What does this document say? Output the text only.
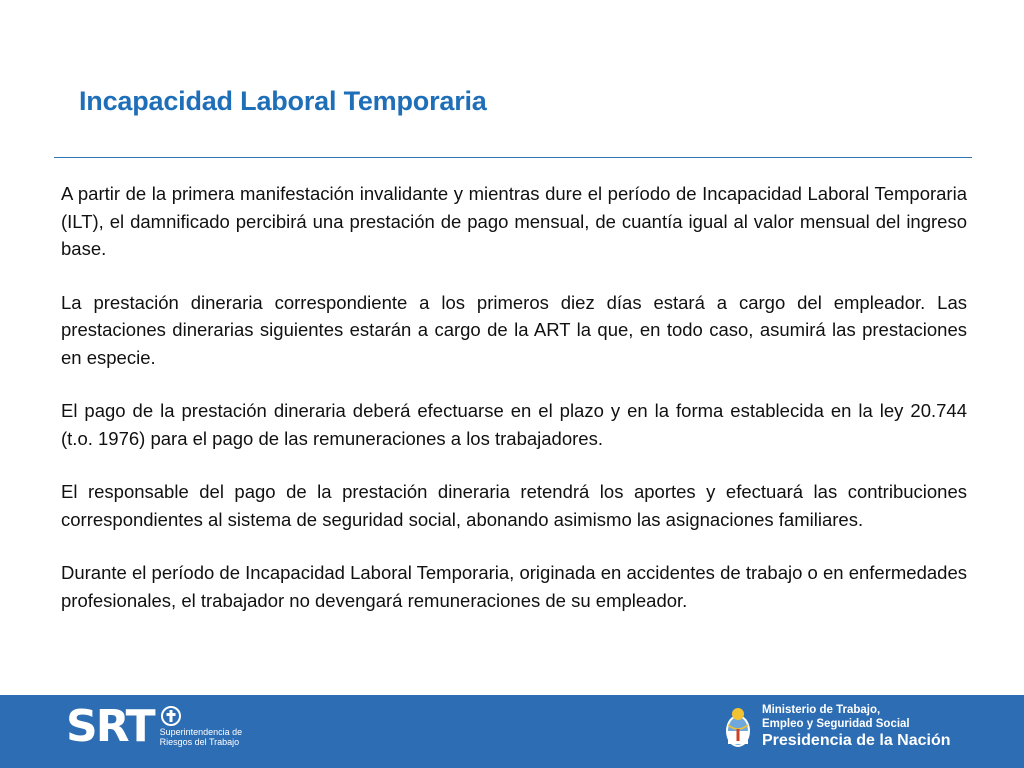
Incapacidad Laboral Temporaria

A partir de la primera manifestación invalidante y mientras dure el período de Incapacidad Laboral Temporaria (ILT), el damnificado percibirá una prestación de pago mensual, de cuantía igual al valor mensual del ingreso base.

La prestación dineraria correspondiente a los primeros diez días estará a cargo del empleador. Las prestaciones dinerarias siguientes estarán a cargo de la ART la que, en todo caso, asumirá las prestaciones en especie.

El pago de la prestación dineraria deberá efectuarse en el plazo y en la forma establecida en la ley 20.744 (t.o. 1976) para el pago de las remuneraciones a los trabajadores.

El responsable del pago de la prestación dineraria retendrá los aportes y efectuará las contribuciones correspondientes al sistema de seguridad social, abonando asimismo las asignaciones familiares.

Durante el período de Incapacidad Laboral Temporaria, originada en accidentes de trabajo o en enfermedades profesionales, el trabajador no devengará remuneraciones de su empleador.

SRT Superintendencia de
Riesgos del Trabajo
Ministerio de Trabajo,
Empleo y Seguridad Social
Presidencia de la Nación
